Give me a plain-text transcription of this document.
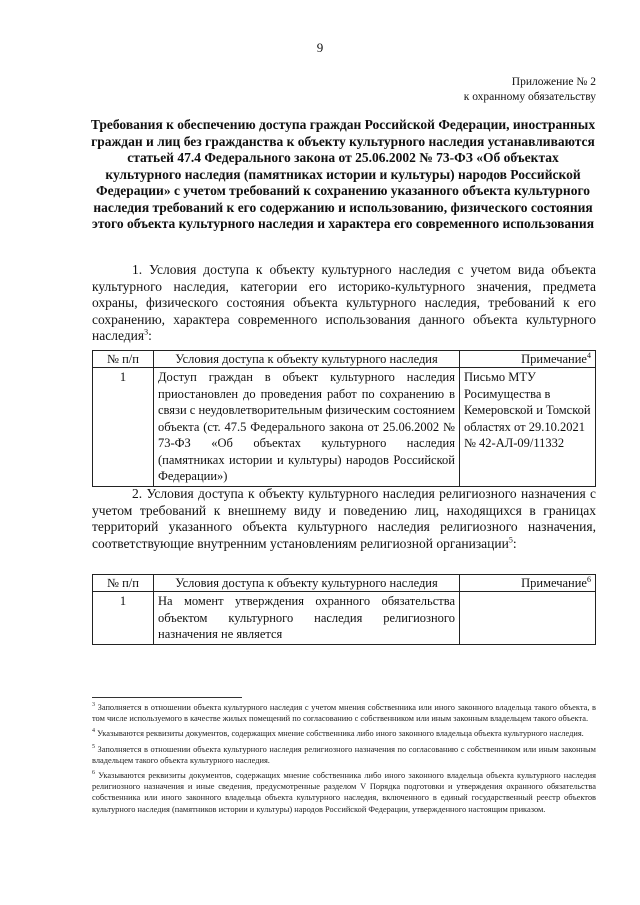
9
Приложение № 2
к охранному обязательству
Требования к обеспечению доступа граждан Российской Федерации, иностранных граждан и лиц без гражданства к объекту культурного наследия устанавливаются статьей 47.4 Федерального закона от 25.06.2002 № 73-ФЗ «Об объектах культурного наследия (памятниках истории и культуры) народов Российской Федерации» с учетом требований к сохранению указанного объекта культурного наследия требований к его содержанию и использованию, физического состояния этого объекта культурного наследия и характера его современного использования

1. Условия доступа к объекту культурного наследия с учетом вида объекта культурного наследия, категории его историко-культурного значения, предмета охраны, физического состояния объекта культурного наследия, требований к его сохранению, характера современного использования данного объекта культурного наследия$^3$:

№ п/п	Условия доступа к объекту культурного наследия	Примечание$^4$
1	Доступ граждан в объект культурного наследия приостановлен до проведения работ по сохранению в связи с неудовлетворительным физическим состоянием объекта (ст. 47.5 Федерального закона от 25.06.2002 № 73-ФЗ «Об объектах культурного наследия (памятниках истории и культуры) народов Российской Федерации»)	Письмо МТУ Росимущества в Кемеровской и Томской областях от 29.10.2021 № 42-АЛ-09/11332

2. Условия доступа к объекту культурного наследия религиозного назначения с учетом требований к внешнему виду и поведению лиц, находящихся в границах территорий указанного объекта культурного наследия религиозного назначения, соответствующие внутренним установлениям религиозной организации$^5$:

№ п/п	Условия доступа к объекту культурного наследия	Примечание$^6$
1	На момент утверждения охранного обязательства объектом культурного наследия религиозного назначения не является	

$^3$ Заполняется в отношении объекта культурного наследия с учетом мнения собственника или иного законного владельца такого объекта, в том числе используемого в качестве жилых помещений по согласованию с собственником или иным законным владельцем такого объекта.

$^4$ Указываются реквизиты документов, содержащих мнение собственника либо иного законного владельца объекта культурного наследия.

$^5$ Заполняется в отношении объекта культурного наследия религиозного назначения по согласованию с собственником или иным законным владельцем такого объекта культурного наследия.

$^6$ Указываются реквизиты документов, содержащих мнение собственника либо иного законного владельца объекта культурного наследия религиозного назначения и иные сведения, предусмотренные разделом V Порядка подготовки и утверждения охранного обязательства собственника или иного законного владельца объекта культурного наследия, включенного в единый государственный реестр объектов культурного наследия (памятников истории и культуры) народов Российской Федерации, утвержденного настоящим приказом.
